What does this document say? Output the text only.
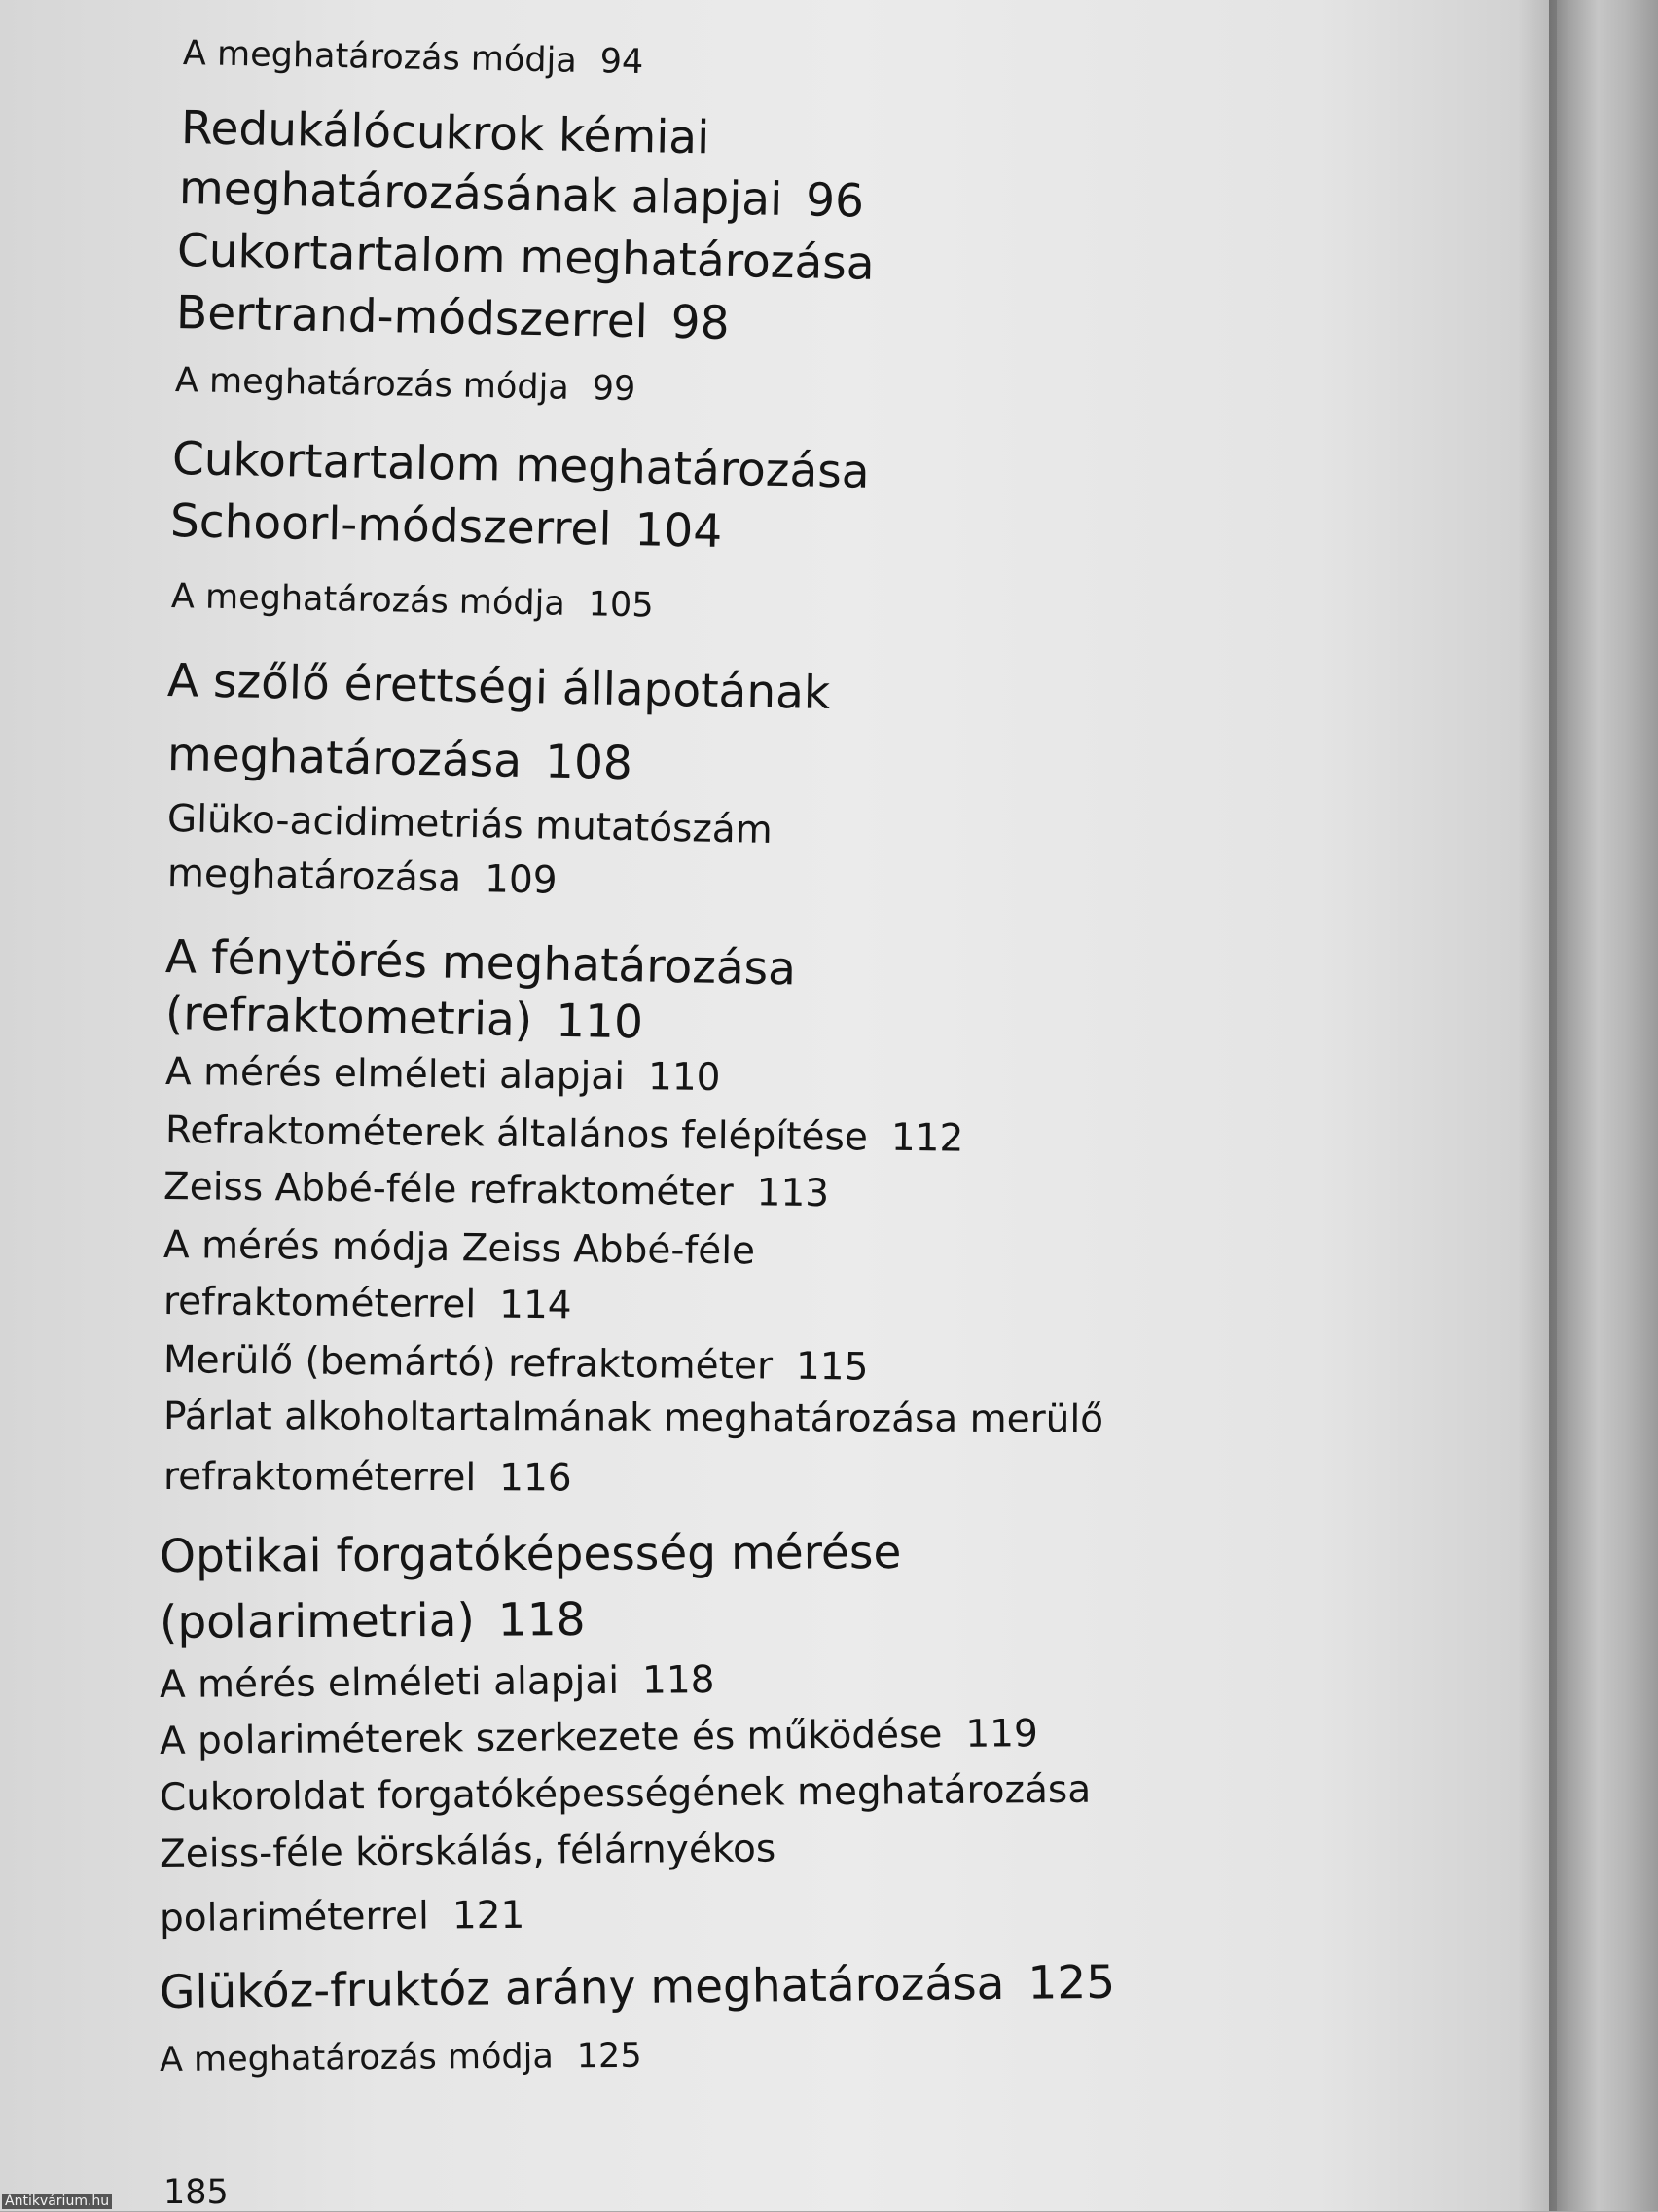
A meghatározás módja 94
Redukálócukrok kémiai
meghatározásának alapjai 96
Cukortartalom meghatározása
Bertrand-módszerrel 98
A meghatározás módja 99
Cukortartalom meghatározása
Schoorl-módszerrel 104
A meghatározás módja 105
A szőlő érettségi állapotának
meghatározása 108
Glüko-acidimetriás mutatószám
meghatározása 109
A fénytörés meghatározása
(refraktometria) 110
A mérés elméleti alapjai 110
Refraktométerek általános felépítése 112
Zeiss Abbé-féle refraktométer 113
A mérés módja Zeiss Abbé-féle
refraktométerrel 114
Merülő (bemártó) refraktométer 115
Párlat alkoholtartalmának meghatározása merülő
refraktométerrel 116
Optikai forgatóképesség mérése
(polarimetria) 118
A mérés elméleti alapjai 118
A polariméterek szerkezete és működése 119
Cukoroldat forgatóképességének meghatározása
Zeiss-féle körskálás, félárnyékos
polariméterrel 121
Glükóz-fruktóz arány meghatározása 125
A meghatározás módja 125
185
Antikvárium.hu
